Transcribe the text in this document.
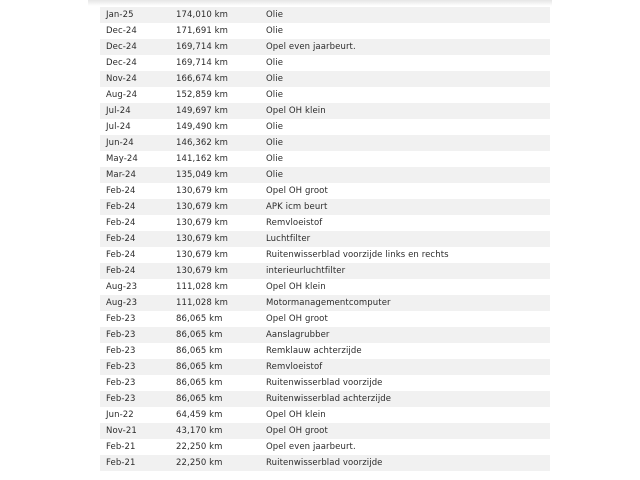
Jan-25	174,010 km	Olie
Dec-24	171,691 km	Olie
Dec-24	169,714 km	Opel even jaarbeurt.
Dec-24	169,714 km	Olie
Nov-24	166,674 km	Olie
Aug-24	152,859 km	Olie
Jul-24	149,697 km	Opel OH klein
Jul-24	149,490 km	Olie
Jun-24	146,362 km	Olie
May-24	141,162 km	Olie
Mar-24	135,049 km	Olie
Feb-24	130,679 km	Opel OH groot
Feb-24	130,679 km	APK icm beurt
Feb-24	130,679 km	Remvloeistof
Feb-24	130,679 km	Luchtfilter
Feb-24	130,679 km	Ruitenwisserblad voorzijde links en rechts
Feb-24	130,679 km	interieurluchtfilter
Aug-23	111,028 km	Opel OH klein
Aug-23	111,028 km	Motormanagementcomputer
Feb-23	86,065 km	Opel OH groot
Feb-23	86,065 km	Aanslagrubber
Feb-23	86,065 km	Remklauw achterzijde
Feb-23	86,065 km	Remvloeistof
Feb-23	86,065 km	Ruitenwisserblad voorzijde
Feb-23	86,065 km	Ruitenwisserblad achterzijde
Jun-22	64,459 km	Opel OH klein
Nov-21	43,170 km	Opel OH groot
Feb-21	22,250 km	Opel even jaarbeurt.
Feb-21	22,250 km	Ruitenwisserblad voorzijde
